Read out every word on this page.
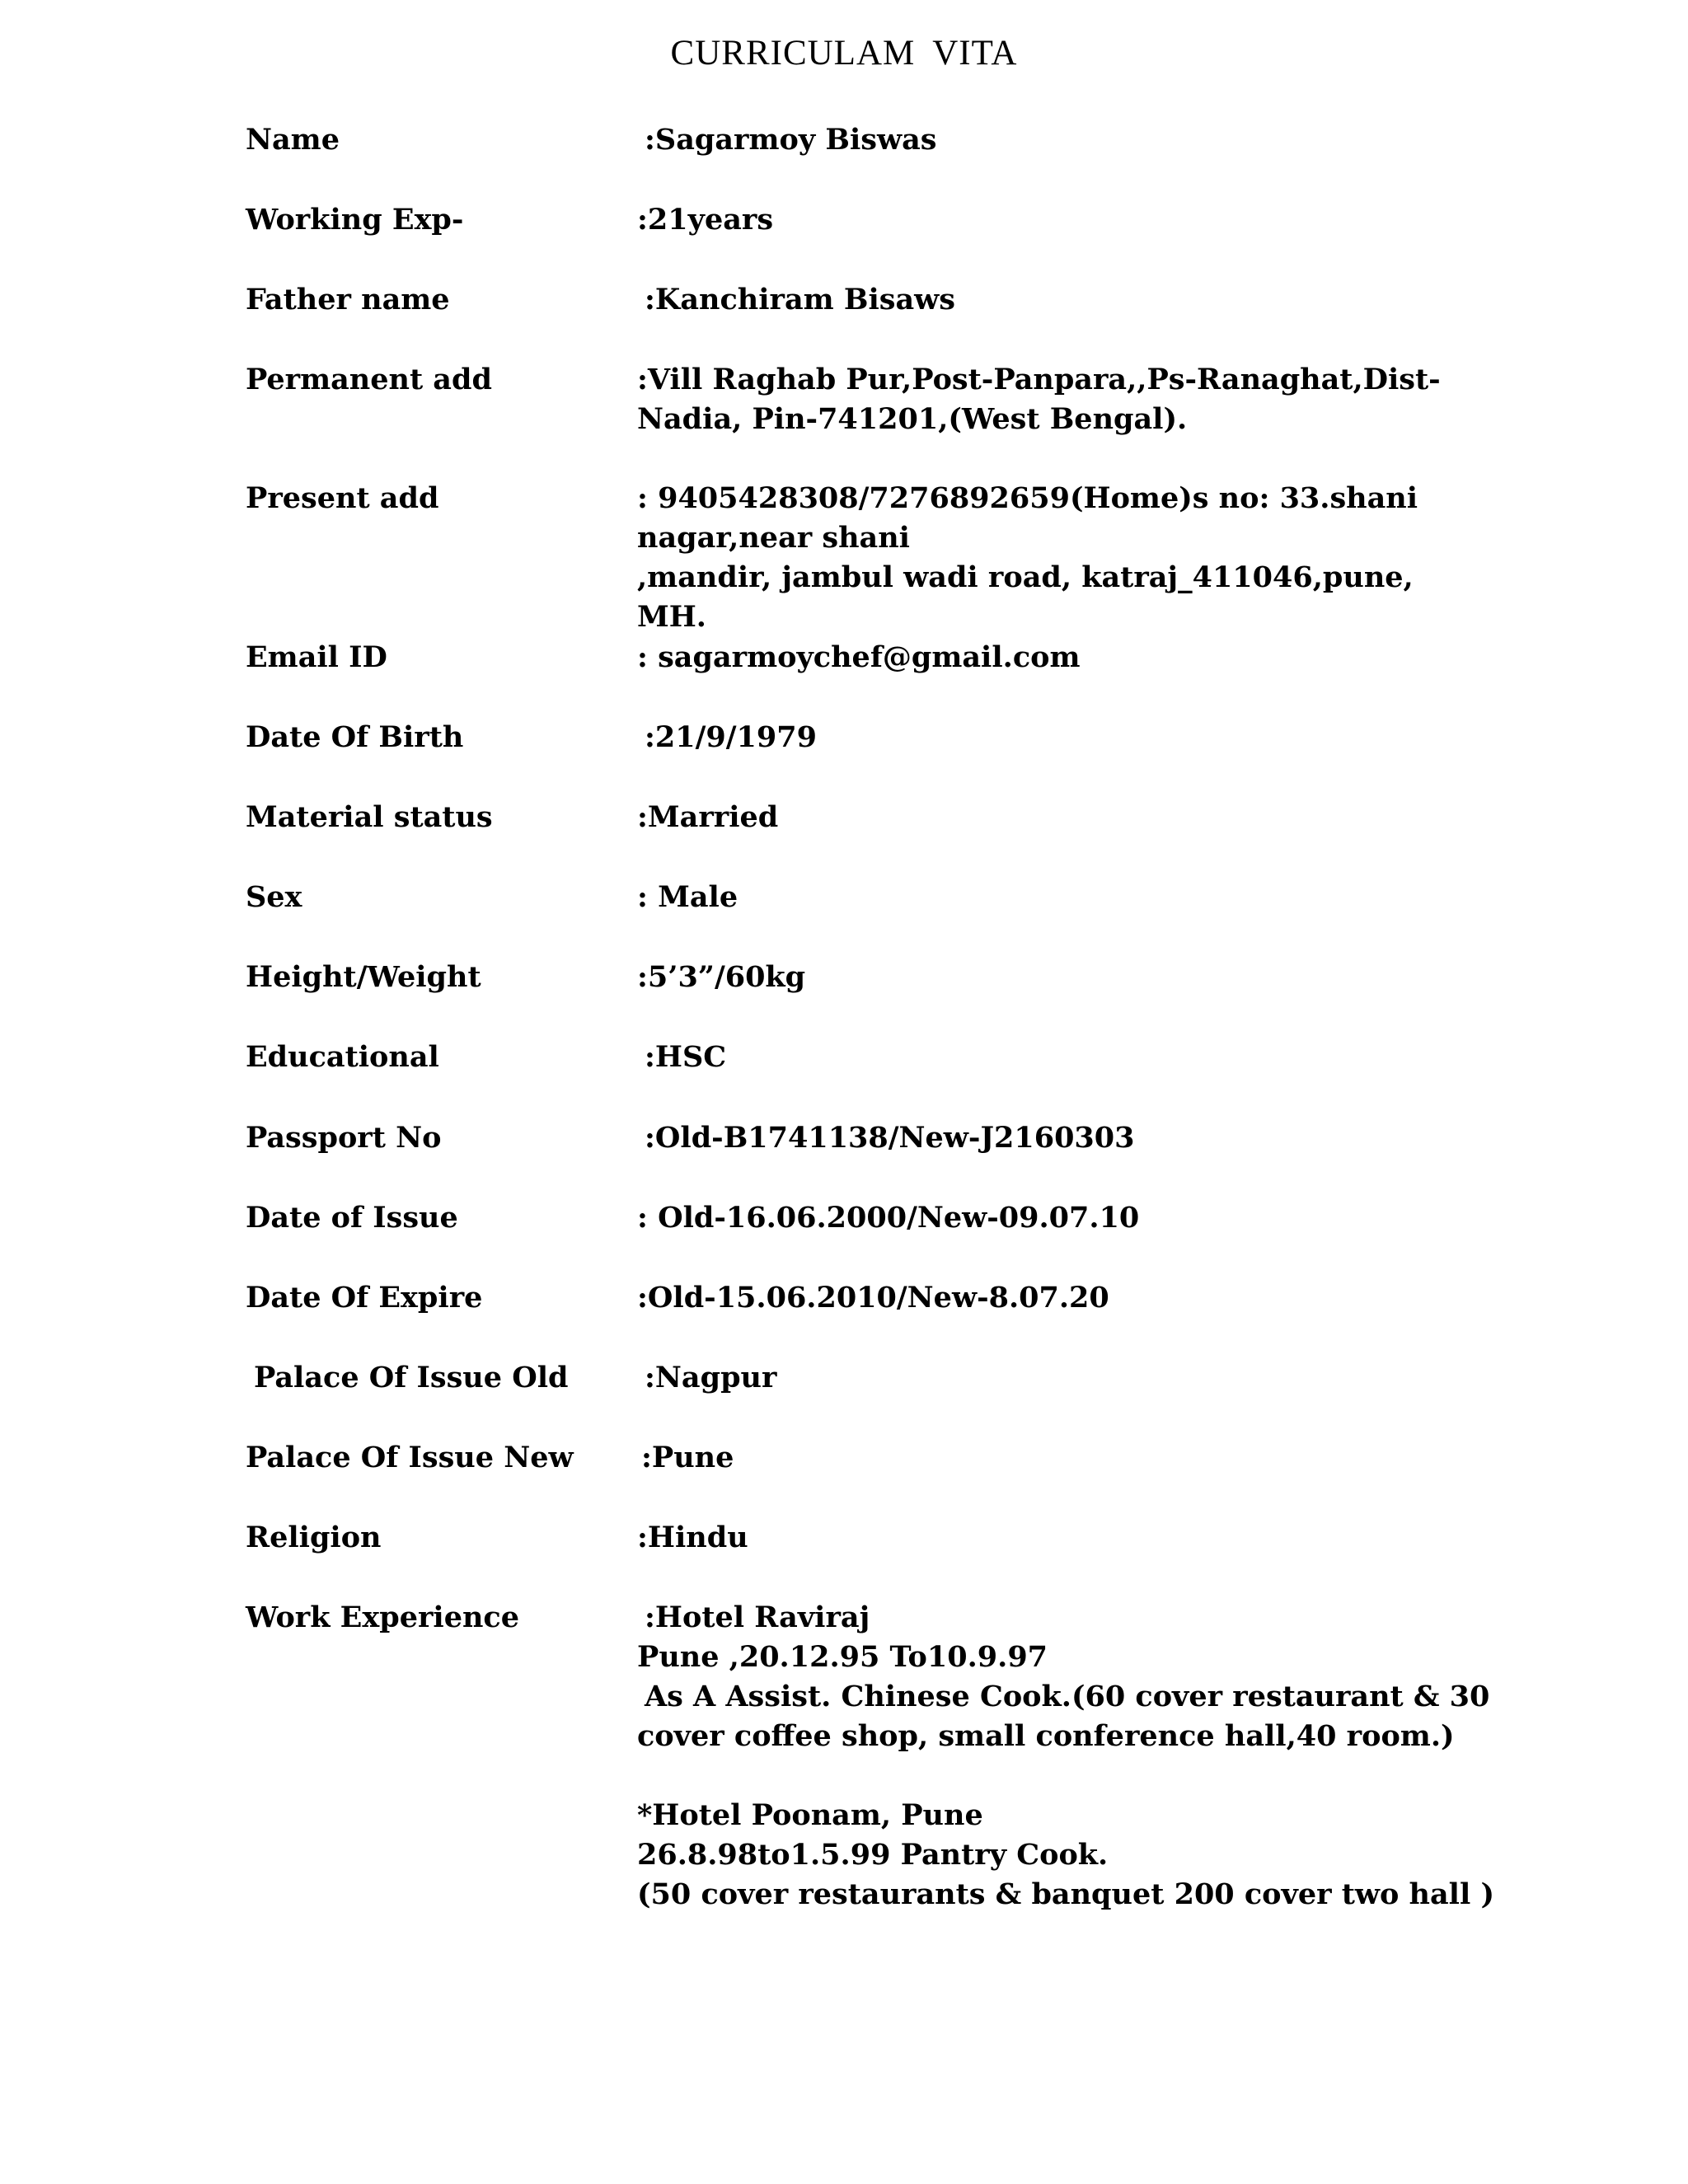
CURRICULAM VITA
Name	:Sagarmoy Biswas
Working Exp-	:21years
Father name	:Kanchiram Bisaws
Permanent add	:Vill Raghab Pur,Post-Panpara,,Ps-Ranaghat,Dist-
Nadia, Pin-741201,(West Bengal).
Present add	: 9405428308/7276892659(Home)s no: 33.shani
nagar,near shani
,mandir, jambul wadi road, katraj_411046,pune,
MH.
Email ID	: sagarmoychef@gmail.com
Date Of Birth	:21/9/1979
Material status	:Married
Sex	: Male
Height/Weight	:5’3”/60kg
Educational	:HSC
Passport No	:Old-B1741138/New-J2160303
Date of Issue	: Old-16.06.2000/New-09.07.10
Date Of Expire	:Old-15.06.2010/New-8.07.20
Palace Of Issue Old	:Nagpur
Palace Of Issue New :Pune
Religion	:Hindu
Work Experience	:Hotel Raviraj
Pune ,20.12.95 To10.9.97
As A Assist. Chinese Cook.(60 cover restaurant & 30
cover coffee shop, small conference hall,40 room.)
*Hotel Poonam, Pune
26.8.98to1.5.99 Pantry Cook.
(50 cover restaurants & banquet 200 cover two hall )
